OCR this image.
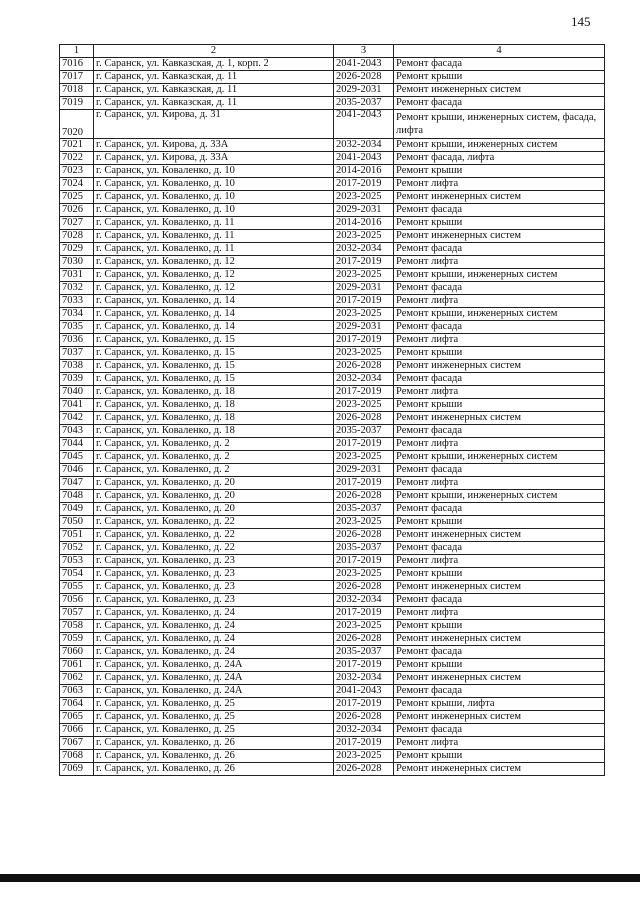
145
1	2	3	4
7016	г. Саранск, ул. Кавказская, д. 1, корп. 2	2041-2043	Ремонт фасада
7017	г. Саранск, ул. Кавказская, д. 11	2026-2028	Ремонт крыши
7018	г. Саранск, ул. Кавказская, д. 11	2029-2031	Ремонт инженерных систем
7019	г. Саранск, ул. Кавказская, д. 11	2035-2037	Ремонт фасада
7020	г. Саранск, ул. Кирова, д. 31	2041-2043	Ремонт крыши, инженерных систем, фасада, лифта
7021	г. Саранск, ул. Кирова, д. 33А	2032-2034	Ремонт крыши, инженерных систем
7022	г. Саранск, ул. Кирова, д. 33А	2041-2043	Ремонт фасада, лифта
7023	г. Саранск, ул. Коваленко, д. 10	2014-2016	Ремонт крыши
7024	г. Саранск, ул. Коваленко, д. 10	2017-2019	Ремонт лифта
7025	г. Саранск, ул. Коваленко, д. 10	2023-2025	Ремонт инженерных систем
7026	г. Саранск, ул. Коваленко, д. 10	2029-2031	Ремонт фасада
7027	г. Саранск, ул. Коваленко, д. 11	2014-2016	Ремонт крыши
7028	г. Саранск, ул. Коваленко, д. 11	2023-2025	Ремонт инженерных систем
7029	г. Саранск, ул. Коваленко, д. 11	2032-2034	Ремонт фасада
7030	г. Саранск, ул. Коваленко, д. 12	2017-2019	Ремонт лифта
7031	г. Саранск, ул. Коваленко, д. 12	2023-2025	Ремонт крыши, инженерных систем
7032	г. Саранск, ул. Коваленко, д. 12	2029-2031	Ремонт фасада
7033	г. Саранск, ул. Коваленко, д. 14	2017-2019	Ремонт лифта
7034	г. Саранск, ул. Коваленко, д. 14	2023-2025	Ремонт крыши, инженерных систем
7035	г. Саранск, ул. Коваленко, д. 14	2029-2031	Ремонт фасада
7036	г. Саранск, ул. Коваленко, д. 15	2017-2019	Ремонт лифта
7037	г. Саранск, ул. Коваленко, д. 15	2023-2025	Ремонт крыши
7038	г. Саранск, ул. Коваленко, д. 15	2026-2028	Ремонт инженерных систем
7039	г. Саранск, ул. Коваленко, д. 15	2032-2034	Ремонт фасада
7040	г. Саранск, ул. Коваленко, д. 18	2017-2019	Ремонт лифта
7041	г. Саранск, ул. Коваленко, д. 18	2023-2025	Ремонт крыши
7042	г. Саранск, ул. Коваленко, д. 18	2026-2028	Ремонт инженерных систем
7043	г. Саранск, ул. Коваленко, д. 18	2035-2037	Ремонт фасада
7044	г. Саранск, ул. Коваленко, д. 2	2017-2019	Ремонт лифта
7045	г. Саранск, ул. Коваленко, д. 2	2023-2025	Ремонт крыши, инженерных систем
7046	г. Саранск, ул. Коваленко, д. 2	2029-2031	Ремонт фасада
7047	г. Саранск, ул. Коваленко, д. 20	2017-2019	Ремонт лифта
7048	г. Саранск, ул. Коваленко, д. 20	2026-2028	Ремонт крыши, инженерных систем
7049	г. Саранск, ул. Коваленко, д. 20	2035-2037	Ремонт фасада
7050	г. Саранск, ул. Коваленко, д. 22	2023-2025	Ремонт крыши
7051	г. Саранск, ул. Коваленко, д. 22	2026-2028	Ремонт инженерных систем
7052	г. Саранск, ул. Коваленко, д. 22	2035-2037	Ремонт фасада
7053	г. Саранск, ул. Коваленко, д. 23	2017-2019	Ремонт лифта
7054	г. Саранск, ул. Коваленко, д. 23	2023-2025	Ремонт крыши
7055	г. Саранск, ул. Коваленко, д. 23	2026-2028	Ремонт инженерных систем
7056	г. Саранск, ул. Коваленко, д. 23	2032-2034	Ремонт фасада
7057	г. Саранск, ул. Коваленко, д. 24	2017-2019	Ремонт лифта
7058	г. Саранск, ул. Коваленко, д. 24	2023-2025	Ремонт крыши
7059	г. Саранск, ул. Коваленко, д. 24	2026-2028	Ремонт инженерных систем
7060	г. Саранск, ул. Коваленко, д. 24	2035-2037	Ремонт фасада
7061	г. Саранск, ул. Коваленко, д. 24А	2017-2019	Ремонт крыши
7062	г. Саранск, ул. Коваленко, д. 24А	2032-2034	Ремонт инженерных систем
7063	г. Саранск, ул. Коваленко, д. 24А	2041-2043	Ремонт фасада
7064	г. Саранск, ул. Коваленко, д. 25	2017-2019	Ремонт крыши, лифта
7065	г. Саранск, ул. Коваленко, д. 25	2026-2028	Ремонт инженерных систем
7066	г. Саранск, ул. Коваленко, д. 25	2032-2034	Ремонт фасада
7067	г. Саранск, ул. Коваленко, д. 26	2017-2019	Ремонт лифта
7068	г. Саранск, ул. Коваленко, д. 26	2023-2025	Ремонт крыши
7069	г. Саранск, ул. Коваленко, д. 26	2026-2028	Ремонт инженерных систем
